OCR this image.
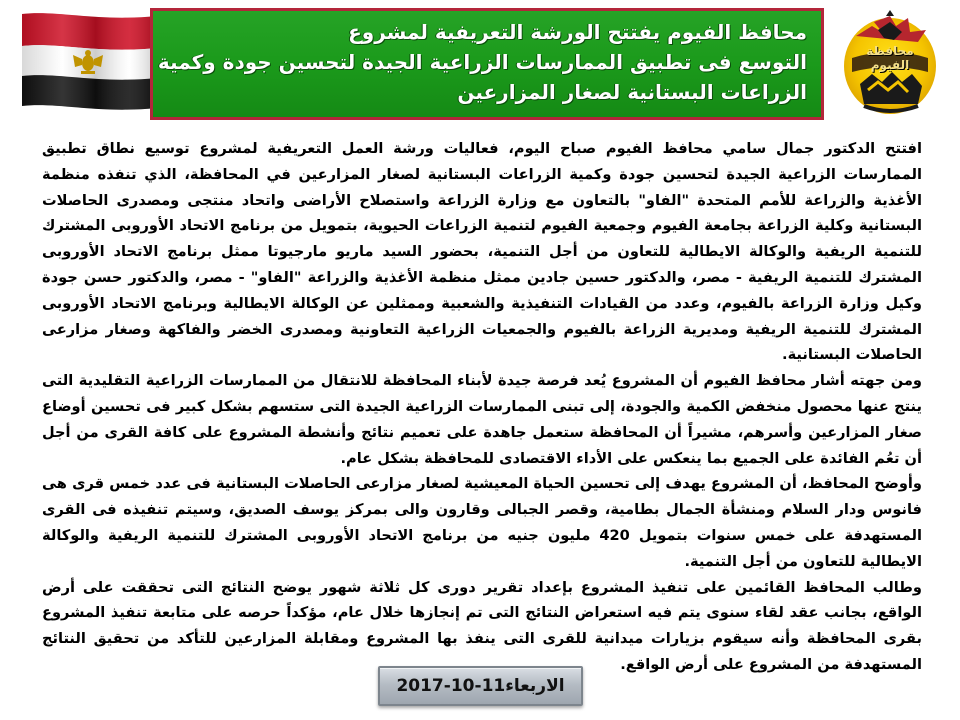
محافظ الفيوم يفتتح الورشة التعريفية لمشروع
التوسع فى تطبيق الممارسات الزراعية الجيدة لتحسين جودة وكمية
الزراعات البستانية لصغار المزارعين
محافظة الفيوم

افتتح الدكتور جمال سامي محافظ الفيوم صباح اليوم، فعاليات ورشة العمل التعريفية لمشروع توسيع نطاق تطبيق الممارسات الزراعية الجيدة لتحسين جودة وكمية الزراعات البستانية لصغار المزارعين في المحافظة، الذي تنفذه منظمة الأغذية والزراعة للأمم المتحدة "الفاو" بالتعاون مع وزارة الزراعة واستصلاح الأراضى واتحاد منتجى ومصدرى الحاصلات البستانية وكلية الزراعة بجامعة الفيوم وجمعية الفيوم لتنمية الزراعات الحيوية، بتمويل من برنامج الاتحاد الأوروبى المشترك للتنمية الريفية والوكالة الايطالية للتعاون من أجل التنمية، بحضور السيد ماريو مارجيوتا ممثل برنامج الاتحاد الأوروبى المشترك للتنمية الريفية - مصر، والدكتور حسين جادين ممثل منظمة الأغذية والزراعة "الفاو" - مصر، والدكتور حسن جودة وكيل وزارة الزراعة بالفيوم، وعدد من القيادات التنفيذية والشعبية وممثلين عن الوكالة الايطالية وبرنامج الاتحاد الأوروبى المشترك للتنمية الريفية ومديرية الزراعة بالفيوم والجمعيات الزراعية التعاونية ومصدرى الخضر والفاكهة وصغار مزارعى الحاصلات البستانية.

ومن جهته أشار محافظ الفيوم أن المشروع يُعد فرصة جيدة لأبناء المحافظة للانتقال من الممارسات الزراعية التقليدية التى ينتج عنها محصول منخفض الكمية والجودة، إلى تبنى الممارسات الزراعية الجيدة التى ستسهم بشكل كبير فى تحسين أوضاع صغار المزارعين وأسرهم، مشيراً أن المحافظة ستعمل جاهدة على تعميم نتائج وأنشطة المشروع على كافة القرى من أجل أن تعُم الفائدة على الجميع بما ينعكس على الأداء الاقتصادى للمحافظة بشكل عام.

وأوضح المحافظ، أن المشروع يهدف إلى تحسين الحياة المعيشية لصغار مزارعى الحاصلات البستانية فى عدد خمس قرى هى فانوس ودار السلام ومنشأة الجمال بطامية، وقصر الجبالى وقارون والى بمركز يوسف الصديق، وسيتم تنفيذه فى القرى المستهدفة على خمس سنوات بتمويل 420 مليون جنيه من برنامج الاتحاد الأوروبى المشترك للتنمية الريفية والوكالة الايطالية للتعاون من أجل التنمية.

وطالب المحافظ القائمين على تنفيذ المشروع بإعداد تقرير دورى كل ثلاثة شهور يوضح النتائج التى تحققت على أرض الواقع، بجانب عقد لقاء سنوى يتم فيه استعراض النتائج التى تم إنجازها خلال عام، مؤكداً حرصه على متابعة تنفيذ المشروع بقرى المحافظة وأنه سيقوم بزيارات ميدانية للقرى التى ينفذ بها المشروع ومقابلة المزارعين للتأكد من تحقيق النتائج المستهدفة من المشروع على أرض الواقع.

الاربعاء11-10-2017
